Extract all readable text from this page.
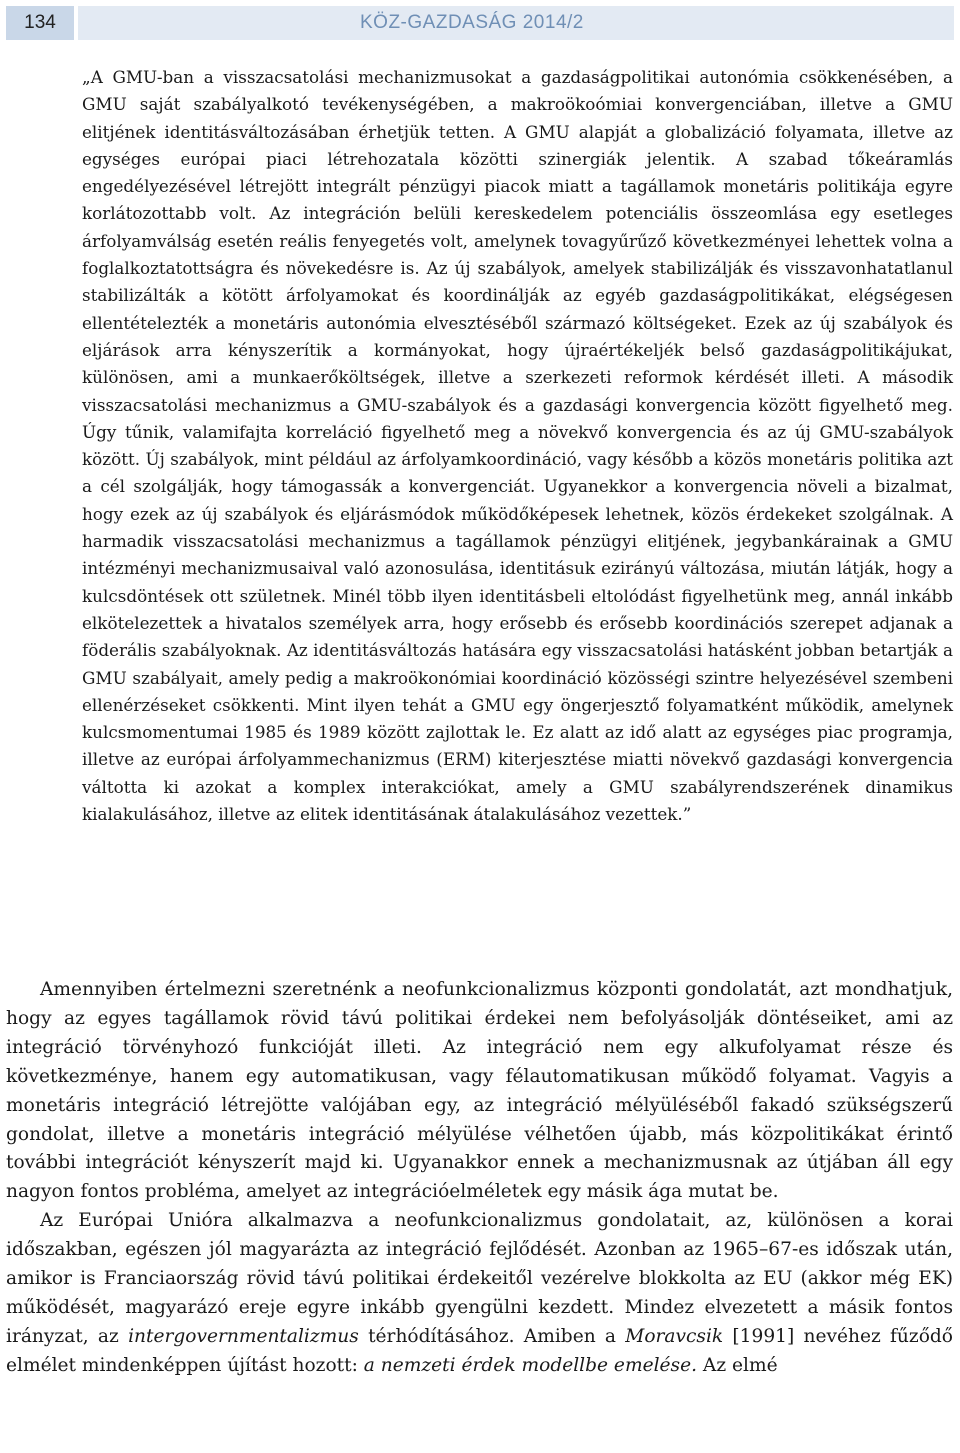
134	KÖZ-GAZDASÁG 2014/2

„A GMU-ban a visszacsatolási mechanizmusokat a gazdaságpolitikai autonómia csökkenésében, a GMU saját szabályalkotó tevékenységében, a makroökoómiai konvergenciában, illetve a GMU elitjének identitásváltozásában érhetjük tetten. A GMU alapját a globalizáció folyamata, illetve az egységes európai piaci létrehozatala közötti szinergiák jelentik. A szabad tőkeáramlás engedélyezésével létrejött integrált pénzügyi piacok miatt a tagállamok monetáris politikája egyre korlátozottabb volt. Az integráción belüli kereskedelem potenciális összeomlása egy esetleges árfolyamválság esetén reális fenyegetés volt, amelynek tovagyűrűző következményei lehettek volna a foglalkoztatottságra és növekedésre is. Az új szabályok, amelyek stabilizálják és visszavonhatatlanul stabilizálták a kötött árfolyamokat és koordinálják az egyéb gazdaságpolitikákat, elégségesen ellentételezték a monetáris autonómia elvesztéséből származó költségeket. Ezek az új szabályok és eljárások arra kényszerítik a kormányokat, hogy újraértékeljék belső gazdaságpolitikájukat, különösen, ami a munkaerőköltségek, illetve a szerkezeti reformok kérdését illeti. A második visszacsatolási mechanizmus a GMU-szabályok és a gazdasági konvergencia között figyelhető meg. Úgy tűnik, valamifajta korreláció figyelhető meg a növekvő konvergencia és az új GMU-szabályok között. Új szabályok, mint például az árfolyamkoordináció, vagy később a közös monetáris politika azt a cél szolgálják, hogy támogassák a konvergenciát. Ugyanekkor a konvergencia növeli a bizalmat, hogy ezek az új szabályok és eljárásmódok működőképesek lehetnek, közös érdekeket szolgálnak. A harmadik visszacsatolási mechanizmus a tagállamok pénzügyi elitjének, jegybankárainak a GMU intézményi mechanizmusaival való azonosulása, identitásuk ezirányú változása, miután látják, hogy a kulcsdöntések ott születnek. Minél több ilyen identitásbeli eltolódást figyelhetünk meg, annál inkább elkötelezettek a hivatalos személyek arra, hogy erősebb és erősebb koordinációs szerepet adjanak a föderális szabályoknak. Az identitásváltozás hatására egy visszacsatolási hatásként jobban betartják a GMU szabályait, amely pedig a makroökonómiai koordináció közösségi szintre helyezésével szembeni ellenérzéseket csökkenti. Mint ilyen tehát a GMU egy öngerjesztő folyamatként működik, amelynek kulcsmomentumai 1985 és 1989 között zajlottak le. Ez alatt az idő alatt az egységes piac programja, illetve az európai árfolyammechanizmus (ERM) kiterjesztése miatti növekvő gazdasági konvergencia váltotta ki azokat a komplex interakciókat, amely a GMU szabályrendszerének dinamikus kialakulásához, illetve az elitek identitásának átalakulásához vezettek.”

Amennyiben értelmezni szeretnénk a neofunkcionalizmus központi gondolatát, azt mondhatjuk, hogy az egyes tagállamok rövid távú politikai érdekei nem befolyásolják döntéseiket, ami az integráció törvényhozó funkcióját illeti. Az integráció nem egy alkufolyamat része és következménye, hanem egy automatikusan, vagy félautomatikusan működő folyamat. Vagyis a monetáris integráció létrejötte valójában egy, az integráció mélyüléséből fakadó szükségszerű gondolat, illetve a monetáris integráció mélyülése vélhetően újabb, más közpolitikákat érintő további integrációt kényszerít majd ki. Ugyanakkor ennek a mechanizmusnak az útjában áll egy nagyon fontos probléma, amelyet az integrációelméletek egy másik ága mutat be.

Az Európai Unióra alkalmazva a neofunkcionalizmus gondolatait, az, különösen a korai időszakban, egészen jól magyarázta az integráció fejlődését. Azonban az 1965–67-es időszak után, amikor is Franciaország rövid távú politikai érdekeitől vezérelve blokkolta az EU (akkor még EK) működését, magyarázó ereje egyre inkább gyengülni kezdett. Mindez elvezetett a másik fontos irányzat, az intergovernmentalizmus térhódításához. Amiben a Moravcsik [1991] nevéhez fűződő elmélet mindenképpen újítást hozott: a nemzeti érdek modellbe emelése. Az elmé
